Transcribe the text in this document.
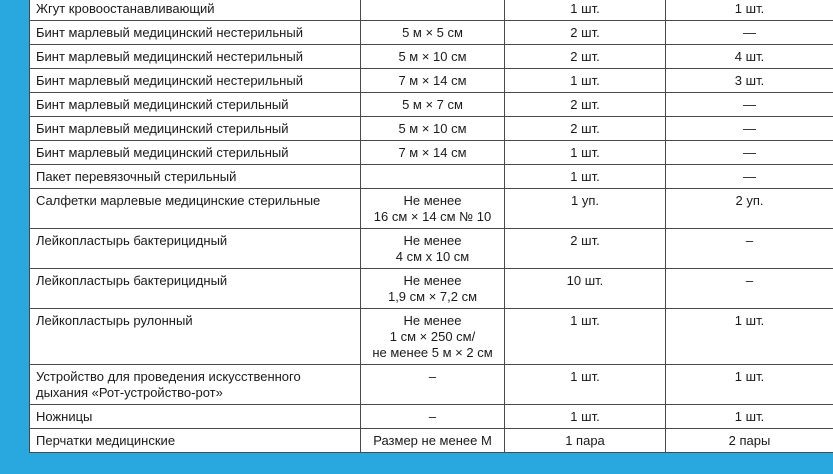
Жгут кровоостанавливающий		1 шт.	1 шт.

Бинт марлевый медицинский нестерильный	5 м × 5 см	2 шт.	—

Бинт марлевый медицинский нестерильный	5 м × 10 см	2 шт.	4 шт.

Бинт марлевый медицинский нестерильный	7 м × 14 см	1 шт.	3 шт.

Бинт марлевый медицинский стерильный	5 м × 7 см	2 шт.	—

Бинт марлевый медицинский стерильный	5 м × 10 см	2 шт.	—

Бинт марлевый медицинский стерильный	7 м × 14 см	1 шт.	—

Пакет перевязочный стерильный		1 шт.	—

Салфетки марлевые медицинские стерильные	Не менее
16 см × 14 см № 10	1 уп.	2 уп.

Лейкопластырь бактерицидный	Не менее
4 см х 10 см	2 шт.	–

Лейкопластырь бактерицидный	Не менее
1,9 см × 7,2 см	10 шт.	–

Лейкопластырь рулонный	Не менее
1 см × 250 см/
не менее 5 м × 2 см	1 шт.	1 шт.

Устройство для проведения искусственного
дыхания «Рот-устройство-рот»	–	1 шт.	1 шт.

Ножницы	–	1 шт.	1 шт.

Перчатки медицинские	Размер не менее М	1 пара	2 пары
